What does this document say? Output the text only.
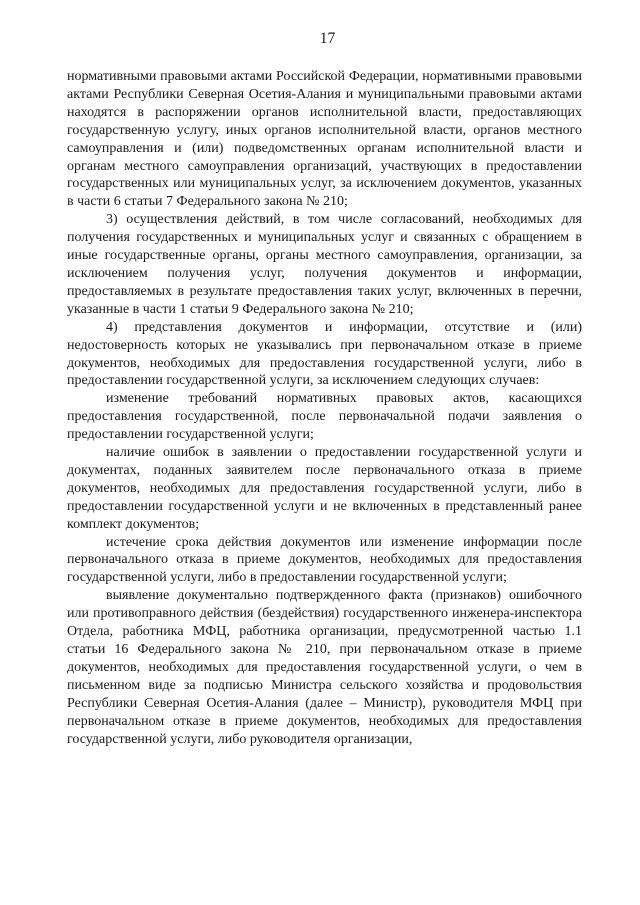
17

нормативными правовыми актами Российской Федерации, нормативными правовыми актами Республики Северная Осетия-Алания и муниципальными правовыми актами находятся в распоряжении органов исполнительной власти, предоставляющих государственную услугу, иных органов исполнительной власти, органов местного самоуправления и (или) подведомственных органам исполнительной власти и органам местного самоуправления организаций, участвующих в предоставлении государственных или муниципальных услуг, за исключением документов, указанных в части 6 статьи 7 Федерального закона № 210;

3) осуществления действий, в том числе согласований, необходимых для получения государственных и муниципальных услуг и связанных с обращением в иные государственные органы, органы местного самоуправления, организации, за исключением получения услуг, получения документов и информации, предоставляемых в результате предоставления таких услуг, включенных в перечни, указанные в части 1 статьи 9 Федерального закона № 210;

4) представления документов и информации, отсутствие и (или) недостоверность которых не указывались при первоначальном отказе в приеме документов, необходимых для предоставления государственной услуги, либо в предоставлении государственной услуги, за исключением следующих случаев:

изменение требований нормативных правовых актов, касающихся предоставления государственной, после первоначальной подачи заявления о предоставлении государственной услуги;

наличие ошибок в заявлении о предоставлении государственной услуги и документах, поданных заявителем после первоначального отказа в приеме документов, необходимых для предоставления государственной услуги, либо в предоставлении государственной услуги и не включенных в представленный ранее комплект документов;

истечение срока действия документов или изменение информации после первоначального отказа в приеме документов, необходимых для предоставления государственной услуги, либо в предоставлении государственной услуги;

выявление документально подтвержденного факта (признаков) ошибочного или противоправного действия (бездействия) государственного инженера-инспектора Отдела, работника МФЦ, работника организации, предусмотренной частью 1.1 статьи 16 Федерального закона № 210, при первоначальном отказе в приеме документов, необходимых для предоставления государственной услуги, о чем в письменном виде за подписью Министра сельского хозяйства и продовольствия Республики Северная Осетия-Алания (далее – Министр), руководителя МФЦ при первоначальном отказе в приеме документов, необходимых для предоставления государственной услуги, либо руководителя организации,
